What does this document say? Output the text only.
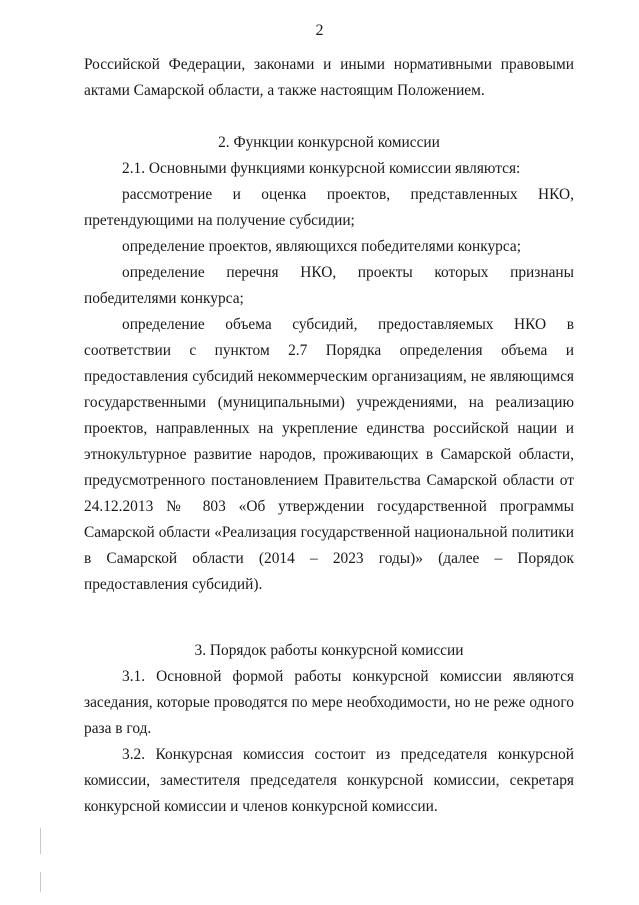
2

Российской Федерации, законами и иными нормативными правовыми актами Самарской области, а также настоящим Положением.

2. Функции конкурсной комиссии

2.1. Основными функциями конкурсной комиссии являются:

рассмотрение и оценка проектов, представленных НКО, претендующими на получение субсидии;

определение проектов, являющихся победителями конкурса;

определение перечня НКО, проекты которых признаны победителями конкурса;

определение объема субсидий, предоставляемых НКО в соответствии с пунктом 2.7 Порядка определения объема и предоставления субсидий некоммерческим организациям, не являющимся государственными (муниципальными) учреждениями, на реализацию проектов, направленных на укрепление единства российской нации и этнокультурное развитие народов, проживающих в Самарской области, предусмотренного постановлением Правительства Самарской области от 24.12.2013 № 803 «Об утверждении государственной программы Самарской области «Реализация государственной национальной политики в Самарской области (2014 – 2023 годы)» (далее – Порядок предоставления субсидий).

3. Порядок работы конкурсной комиссии

3.1. Основной формой работы конкурсной комиссии являются заседания, которые проводятся по мере необходимости, но не реже одного раза в год.

3.2. Конкурсная комиссия состоит из председателя конкурсной комиссии, заместителя председателя конкурсной комиссии, секретаря конкурсной комиссии и членов конкурсной комиссии.
